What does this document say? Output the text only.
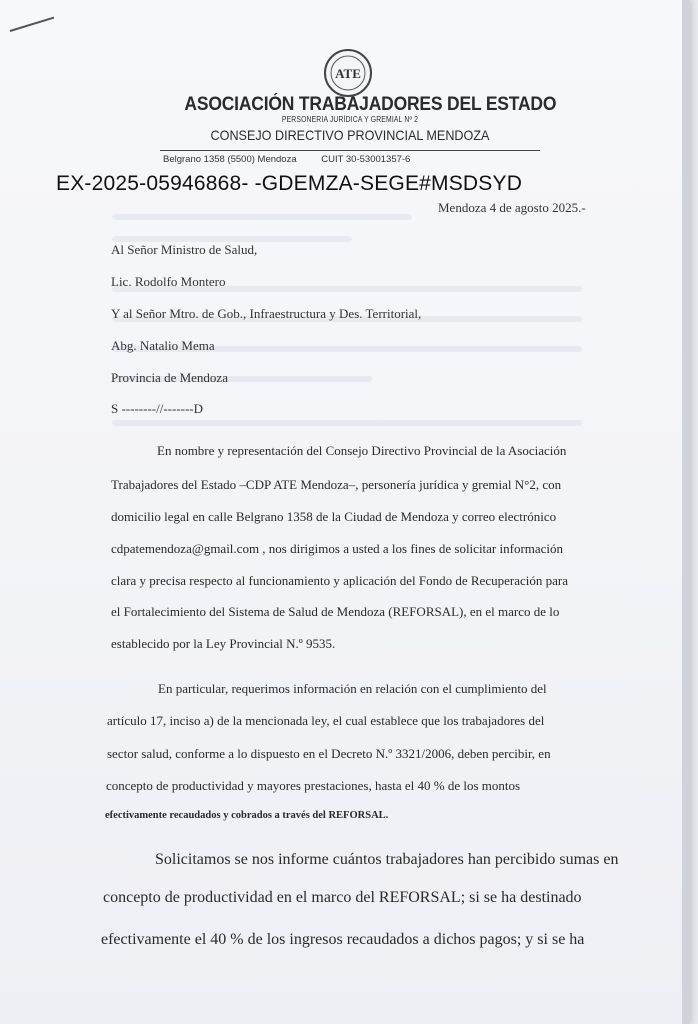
ATE
ASOCIACIÓN TRABAJADORES DEL ESTADO
PERSONERIA JURÍDICA Y GREMIAL Nº 2
CONSEJO DIRECTIVO PROVINCIAL MENDOZA
Belgrano 1358 (5500) Mendoza	CUIT 30-53001357-6
EX-2025-05946868- -GDEMZA-SEGE#MSDSYD
Mendoza 4 de agosto 2025.-
Al Señor Ministro de Salud,
Lic. Rodolfo Montero
Y al Señor Mtro. de Gob., Infraestructura y Des. Territorial,
Abg. Natalio Mema
Provincia de Mendoza
S --------//-------D
En nombre y representación del Consejo Directivo Provincial de la Asociación
Trabajadores del Estado –CDP ATE Mendoza–, personería jurídica y gremial N°2, con
domicilio legal en calle Belgrano 1358 de la Ciudad de Mendoza y correo electrónico
cdpatemendoza@gmail.com , nos dirigimos a usted a los fines de solicitar información
clara y precisa respecto al funcionamiento y aplicación del Fondo de Recuperación para
el Fortalecimiento del Sistema de Salud de Mendoza (REFORSAL), en el marco de lo
establecido por la Ley Provincial N.º 9535.
En particular, requerimos información en relación con el cumplimiento del
artículo 17, inciso a) de la mencionada ley, el cual establece que los trabajadores del
sector salud, conforme a lo dispuesto en el Decreto N.º 3321/2006, deben percibir, en
concepto de productividad y mayores prestaciones, hasta el 40 % de los montos
efectivamente recaudados y cobrados a través del REFORSAL.
Solicitamos se nos informe cuántos trabajadores han percibido sumas en
concepto de productividad en el marco del REFORSAL; si se ha destinado
efectivamente el 40 % de los ingresos recaudados a dichos pagos; y si se ha
